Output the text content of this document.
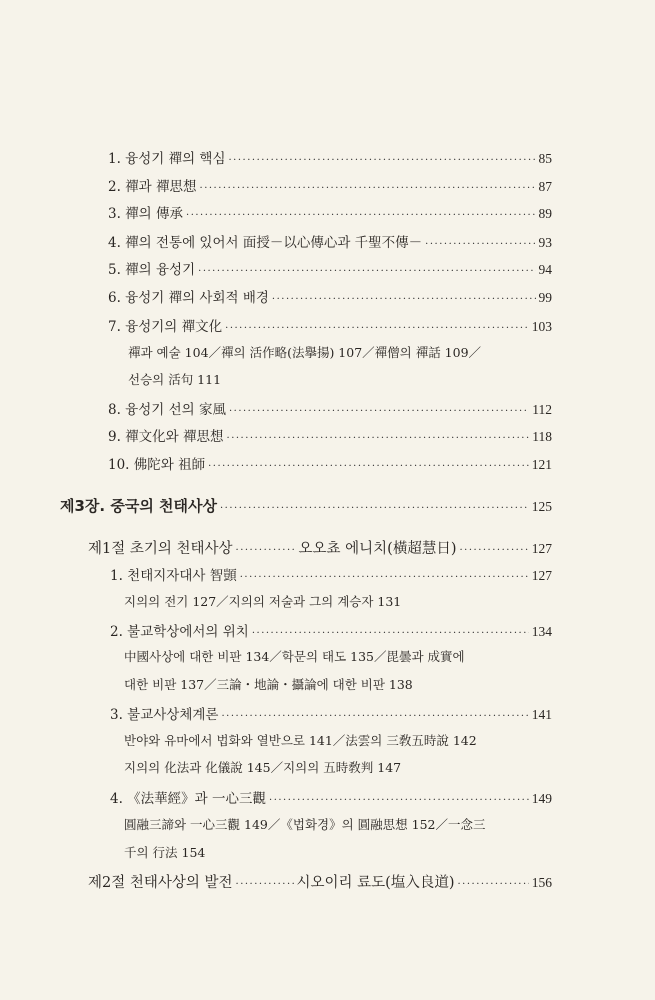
1. 융성기 禪의 핵심 ·····	85
2. 禪과 禪思想 ·····	87
3. 禪의 傳承 ·····	89
4. 禪의 전통에 있어서 面授－以心傳心과 千聖不傳－ ·····	93
5. 禪의 융성기 ·····	94
6. 융성기 禪의 사회적 배경 ·····	99
7. 융성기의 禪文化 ·····	103
禪과 예술 104／禪의 活作略(法擧揚) 107／禪僧의 禪話 109／
선승의 活句 111
8. 융성기 선의 家風 ·····	112
9. 禪文化와 禪思想 ·····	118
10. 佛陀와 祖師 ·····	121
제3장. 중국의 천태사상 ·····	125
제1절 초기의 천태사상 ·····	오오쵸 에니치(橫超慧日) ·····	127
1. 천태지자대사 智顗 ·····	127
지의의 전기 127／지의의 저술과 그의 계승자 131
2. 불교학상에서의 위치 ·····	134
中國사상에 대한 비판 134／학문의 태도 135／毘曇과 成實에
대한 비판 137／三論・地論・攝論에 대한 비판 138
3. 불교사상체계론 ·····	141
반야와 유마에서 법화와 열반으로 141／法雲의 三敎五時說 142
지의의 化法과 化儀說 145／지의의 五時敎判 147
4. 《法華經》과 一心三觀 ·····	149
圓融三諦와 一心三觀 149／《법화경》의 圓融思想 152／一念三
千의 行法 154
제2절 천태사상의 발전 ·····	시오이리 료도(塩入良道) ·····	156
